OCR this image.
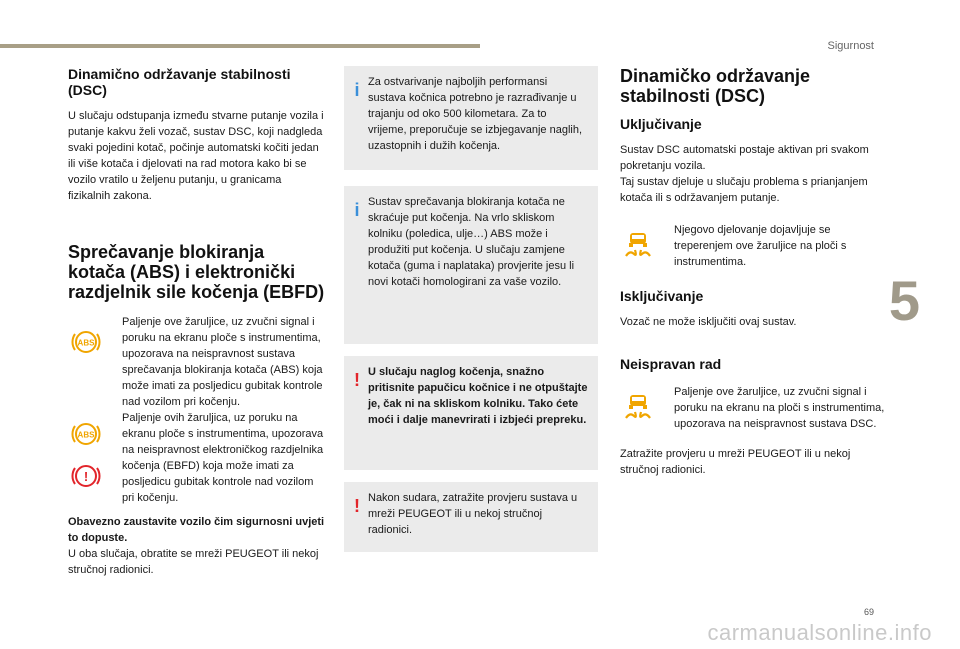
Sigurnost
5
69
carmanualsonline.info
Dinamično održavanje stabilnosti (DSC)

U slučaju odstupanja između stvarne putanje vozila i putanje kakvu želi vozač, sustav DSC, koji nadgleda svaki pojedini kotač, počinje automatski kočiti jedan ili više kotača i djelovati na rad motora kako bi se vozilo vratilo u željenu putanju, u granicama fizikalnih zakona.

Sprečavanje blokiranja kotača (ABS) i elektronički razdjelnik sile kočenja (EBFD)
ABS

Paljenje ove žaruljice, uz zvučni signal i poruku na ekranu ploče s instrumentima, upozorava na neispravnost sustava sprečavanja blokiranja kotača (ABS) koja može imati za posljedicu gubitak kontrole nad vozilom pri kočenju.

ABS
!

Paljenje ovih žaruljica, uz poruku na ekranu ploče s instrumentima, upozorava na neispravnost elektroničkog razdjelnika kočenja (EBFD) koja može imati za posljedicu gubitak kontrole nad vozilom pri kočenju.

Obavezno zaustavite vozilo čim sigurnosni uvjeti to dopuste.

U oba slučaja, obratite se mreži PEUGEOT ili nekoj stručnoj radionici.

i Za ostvarivanje najboljih performansi sustava kočnica potrebno je razrađivanje u trajanju od oko 500 kilometara. Za to vrijeme, preporučuje se izbjegavanje naglih, uzastopnih i dužih kočenja.
i Sustav sprečavanja blokiranja kotača ne skraćuje put kočenja. Na vrlo skliskom kolniku (poledica, ulje…) ABS može i produžiti put kočenja. U slučaju zamjene kotača (guma i naplataka) provjerite jesu li novi kotači homologirani za vaše vozilo.
! U slučaju naglog kočenja, snažno pritisnite papučicu kočnice i ne otpuštajte je, čak ni na skliskom kolniku. Tako ćete moći i dalje manevrirati i izbjeći prepreku.
! Nakon sudara, zatražite provjeru sustava u mreži PEUGEOT ili u nekoj stručnoj radionici.
Dinamičko održavanje stabilnosti (DSC)
Uključivanje

Sustav DSC automatski postaje aktivan pri svakom pokretanju vozila.

Taj sustav djeluje u slučaju problema s prianjanjem kotača ili s održavanjem putanje.

Njegovo djelovanje dojavljuje se treperenjem ove žaruljice na ploči s instrumentima.

Isključivanje

Vozač ne može isključiti ovaj sustav.

Neispravan rad

Paljenje ove žaruljice, uz zvučni signal i poruku na ekranu na ploči s instrumentima, upozorava na neispravnost sustava DSC.

Zatražite provjeru u mreži PEUGEOT ili u nekoj stručnoj radionici.
